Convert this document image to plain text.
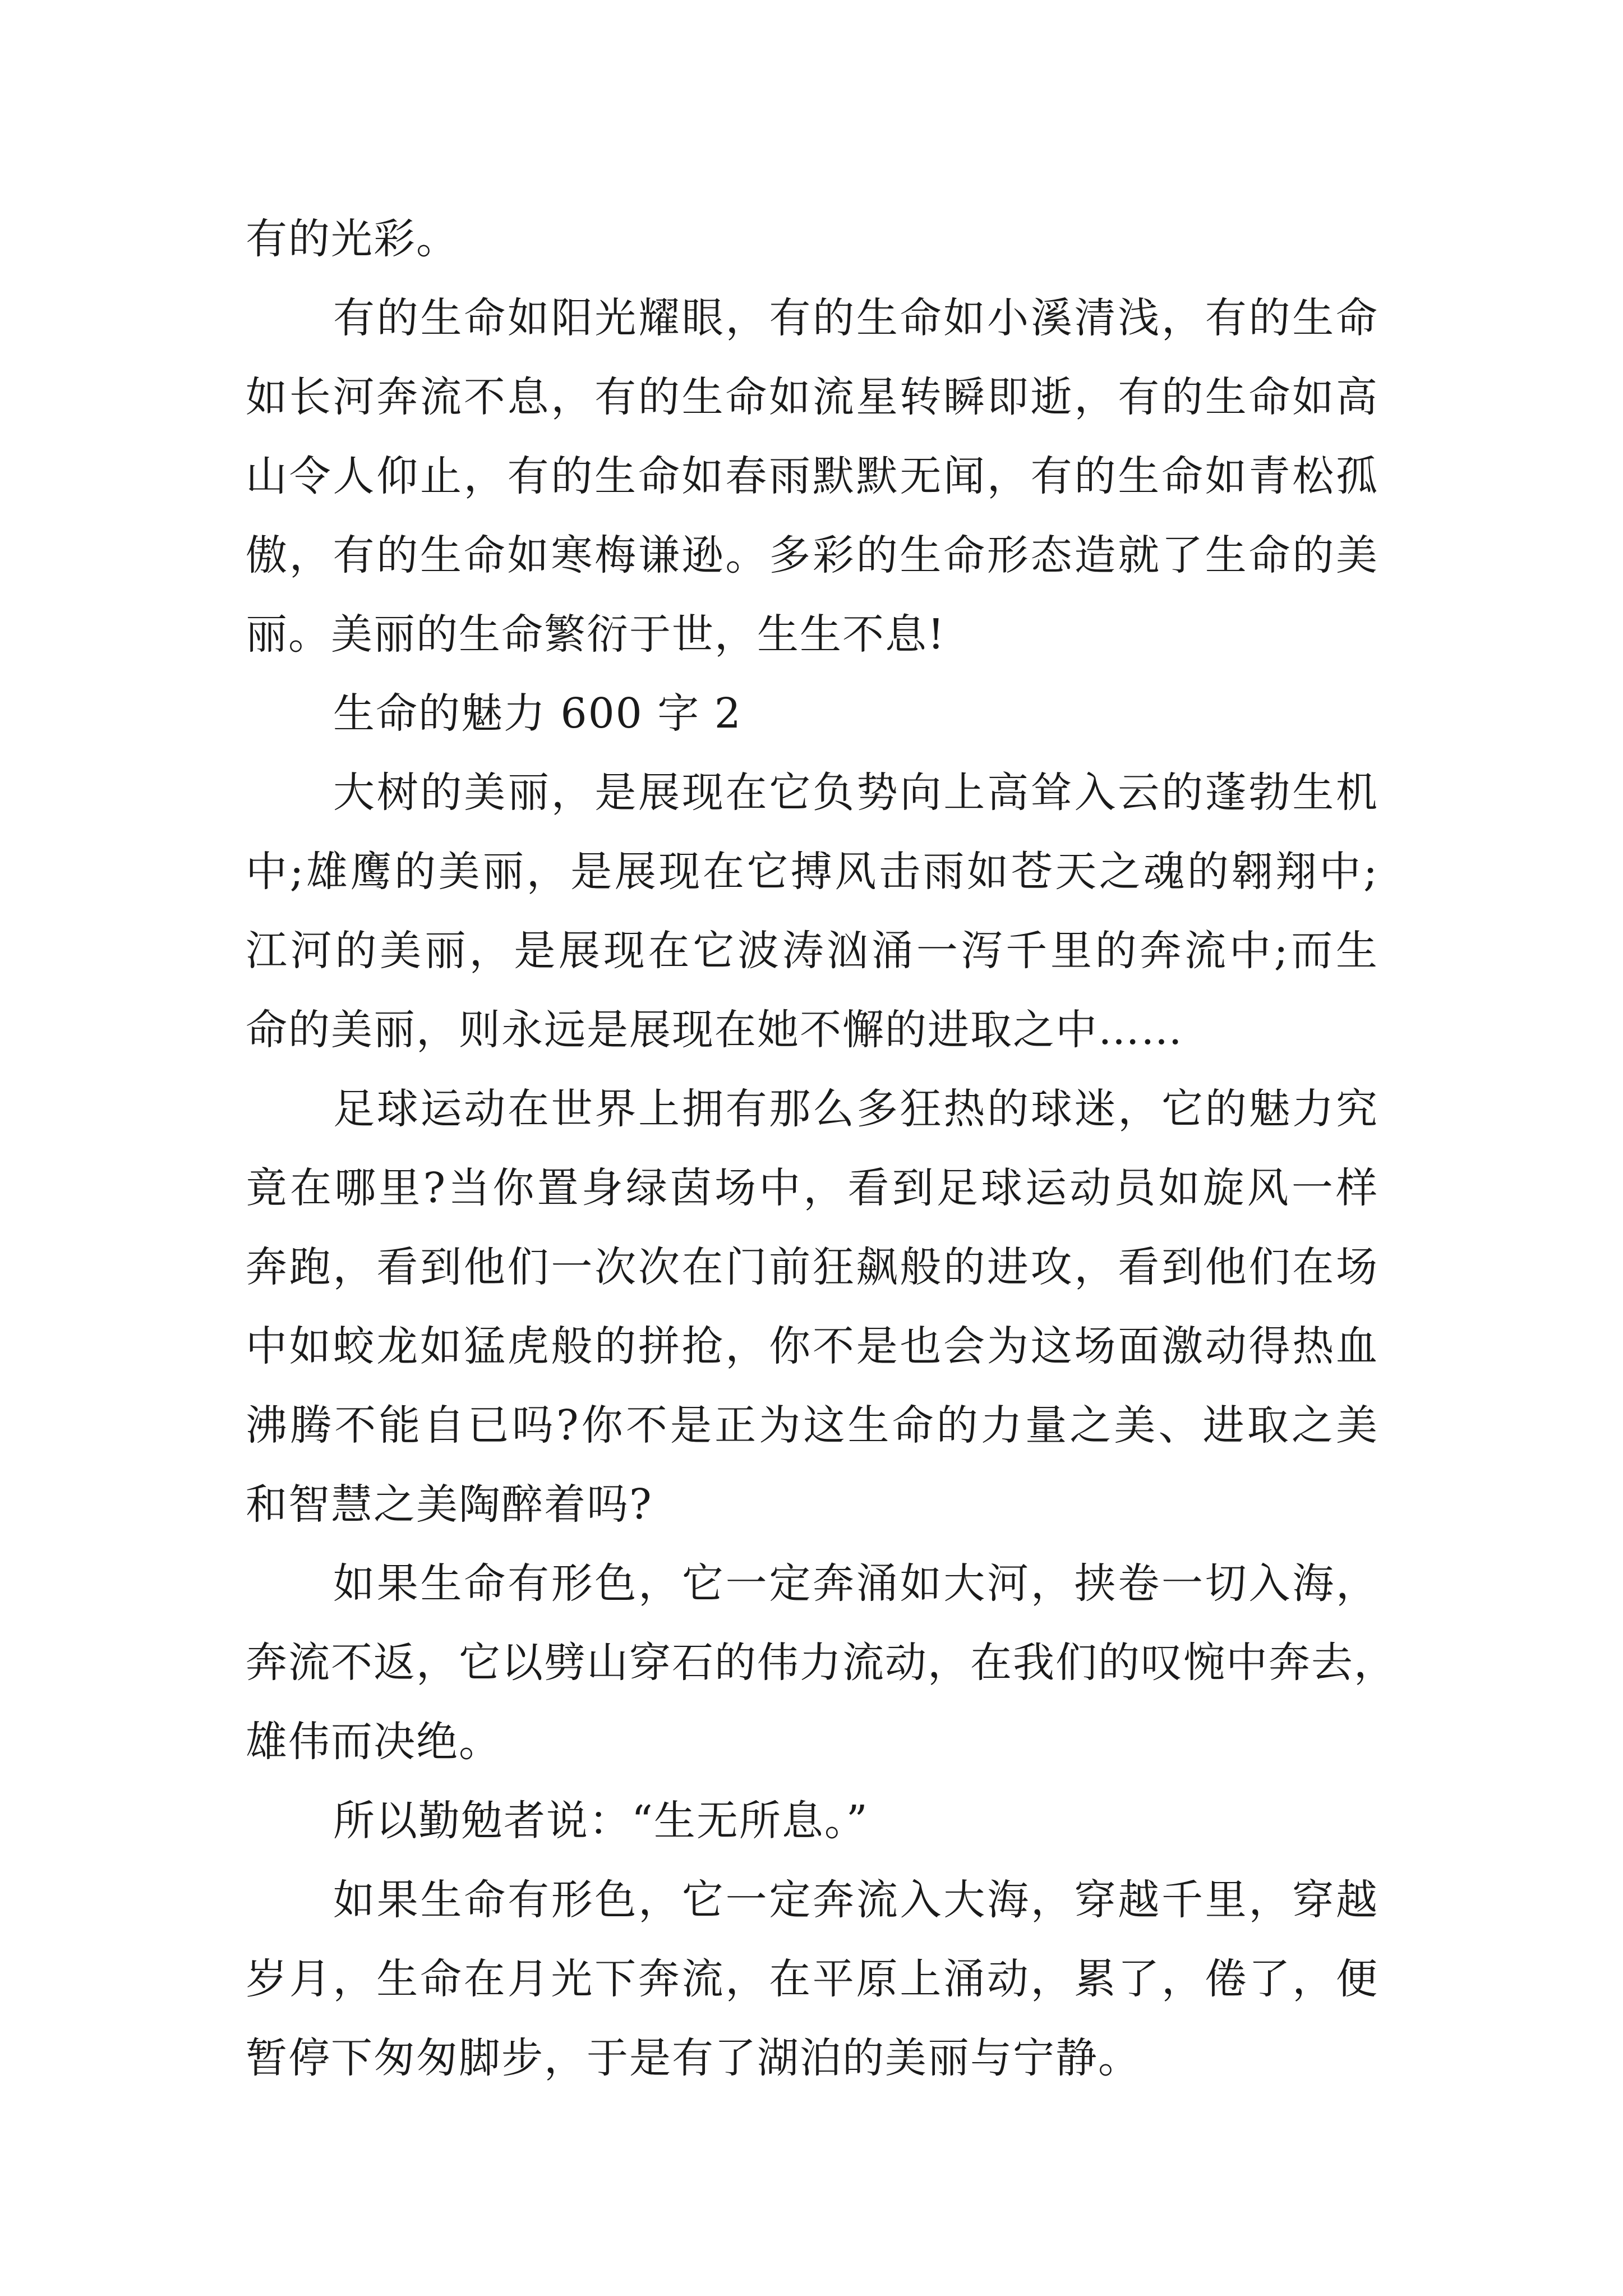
有的光彩。
有的生命如阳光耀眼，有的生命如小溪清浅，有的生命
如长河奔流不息，有的生命如流星转瞬即逝，有的生命如高
山令人仰止，有的生命如春雨默默无闻，有的生命如青松孤
傲，有的生命如寒梅谦逊。多彩的生命形态造就了生命的美
丽。美丽的生命繁衍于世，生生不息!
生命的魅力 600 字 2
大树的美丽，是展现在它负势向上高耸入云的蓬勃生机
中;雄鹰的美丽，是展现在它搏风击雨如苍天之魂的翱翔中;
江河的美丽，是展现在它波涛汹涌一泻千里的奔流中;而生
命的美丽，则永远是展现在她不懈的进取之中……
足球运动在世界上拥有那么多狂热的球迷，它的魅力究
竟在哪里?当你置身绿茵场中，看到足球运动员如旋风一样
奔跑，看到他们一次次在门前狂飙般的进攻，看到他们在场
中如蛟龙如猛虎般的拼抢，你不是也会为这场面激动得热血
沸腾不能自已吗?你不是正为这生命的力量之美、进取之美
和智慧之美陶醉着吗?
如果生命有形色，它一定奔涌如大河，挟卷一切入海，
奔流不返，它以劈山穿石的伟力流动，在我们的叹惋中奔去，
雄伟而决绝。
所以勤勉者说：“生无所息。”
如果生命有形色，它一定奔流入大海，穿越千里，穿越
岁月，生命在月光下奔流，在平原上涌动，累了，倦了，便
暂停下匆匆脚步，于是有了湖泊的美丽与宁静。
